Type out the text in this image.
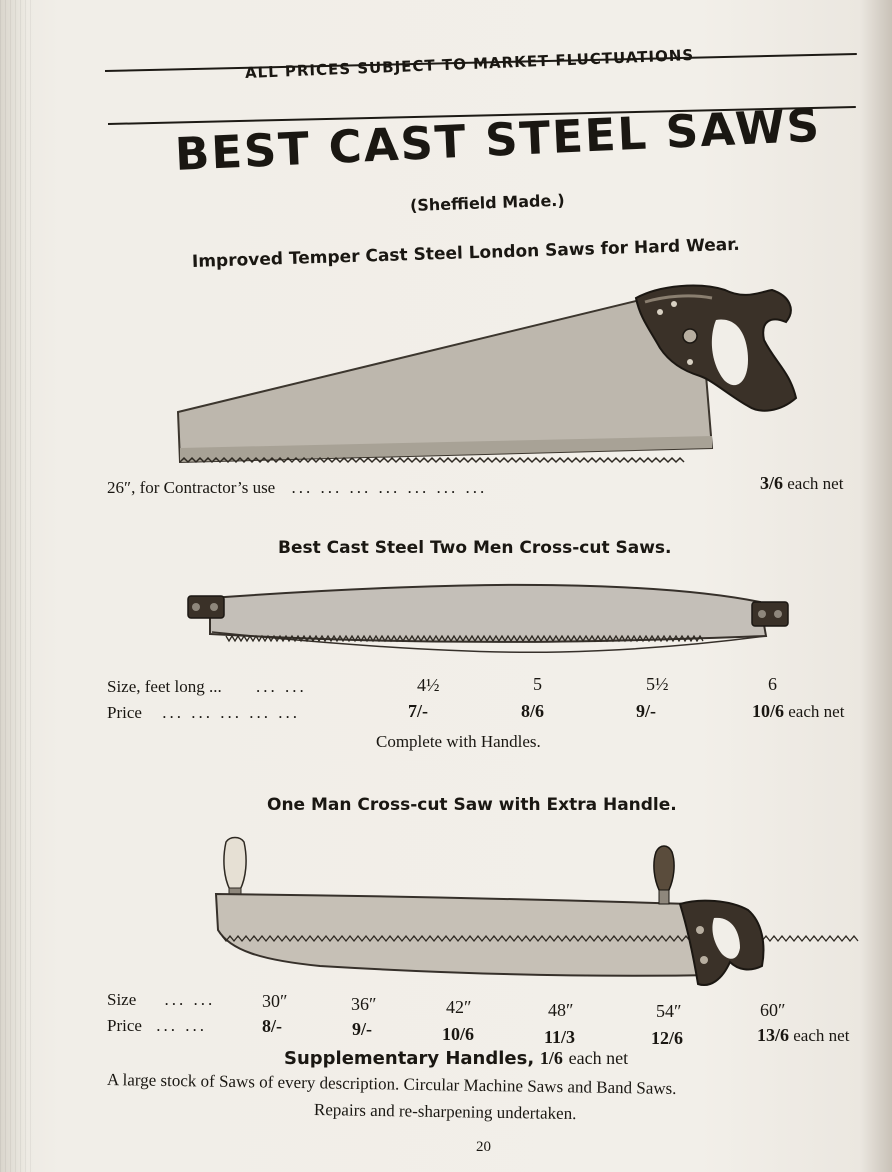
ALL PRICES SUBJECT TO MARKET FLUCTUATIONS
BEST CAST STEEL SAWS
(Sheffield Made.)
Improved Temper Cast Steel London Saws for Hard Wear.
26″, for Contractor’s use ... ... ... ... ... ... ...	3/6 each net
Best Cast Steel Two Men Cross-cut Saws.
Size, feet long ... ... ...	4½	5	5½	6
Price ... ... ... ... ...	7/-	8/6	9/-	10/6 each net
Complete with Handles.
One Man Cross-cut Saw with Extra Handle.
Size ... ...	30″	36″	42″	48″	54″	60″
Price ... ...	8/-	9/-	10/6	11/3	12/6	13/6 each net
Supplementary Handles, 1/6 each net
A large stock of Saws of every description. Circular Machine Saws and Band Saws.
Repairs and re-sharpening undertaken.
20
